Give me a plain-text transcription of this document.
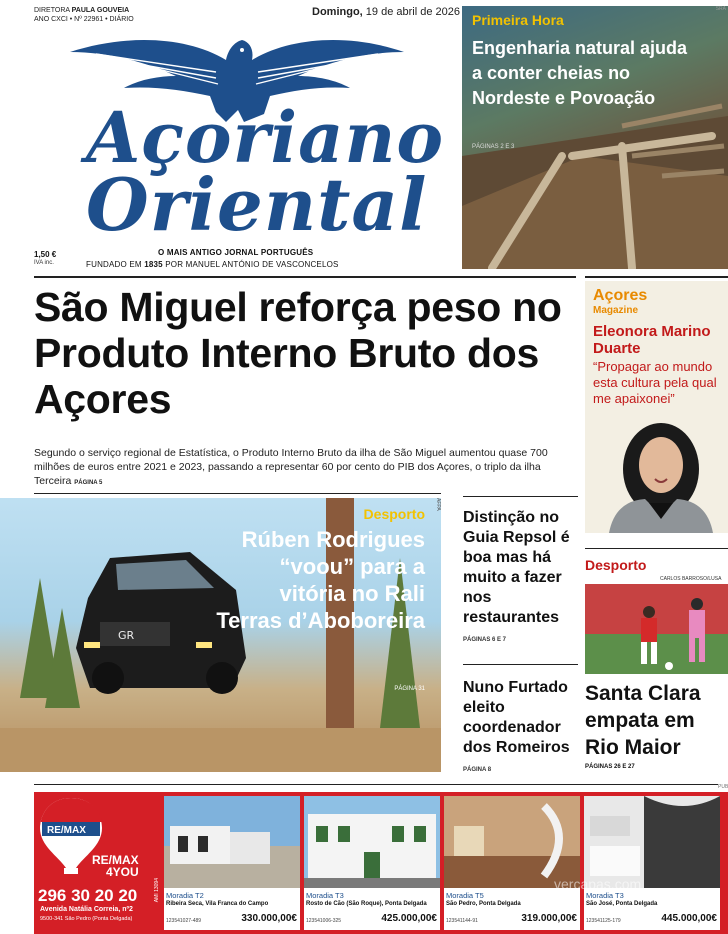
DIRETORA PAULA GOUVEIA
ANO CXCI • Nº 22961 • DIÁRIO
Domingo, 19 de abril de 2026
Açoriano
Oriental
1,50 €
IVA inc.
O MAIS ANTIGO JORNAL PORTUGUÊS
FUNDADO EM 1835 POR MANUEL ANTÓNIO DE VASCONCELOS
Primeira Hora
Engenharia natural ajuda a conter cheias no Nordeste e Povoação
PÁGINAS 2 E 3
SRA
São Miguel reforça peso no Produto Interno Bruto dos Açores
Segundo o serviço regional de Estatística, o Produto Interno Bruto da ilha de São Miguel aumentou quase 700 milhões de euros entre 2021 e 2023, passando a representar 60 por cento do PIB dos Açores, o triplo da ilha Terceira PÁGINA 5
Açores
Magazine
Eleonora Marino Duarte
“Propagar ao mundo esta cultura pela qual me apaixonei”
GR
Desporto
Rúben Rodrigues “voou” para a vitória no Rali Terras d’Aboboreira
PÁGINA 31
AFPA
Distinção no Guia Repsol é boa mas há muito a fazer nos restaurantes
PÁGINAS 6 E 7
Nuno Furtado eleito coordenador dos Romeiros
PÁGINA 8
Desporto
CARLOS BARROSO/LUSA
Santa Clara empata em Rio Maior
PÁGINAS 26 E 27
PUB
RE/MAX
RE/MAX
4YOU
296 30 20 20
Avenida Natália Correia, nº2
9500-341 São Pedro (Ponta Delgada)
Moradia T2
Ribeira Seca, Vila Franca do Campo
123541027-489	330.000,00€
Moradia T3
Rosto de Cão (São Roque), Ponta Delgada
123541006-325	425.000,00€
Moradia T5
São Pedro, Ponta Delgada
123541144-91	319.000,00€
Moradia T3
São José, Ponta Delgada
123541125-179	445.000,00€
AMI 13094	vercapas.com
